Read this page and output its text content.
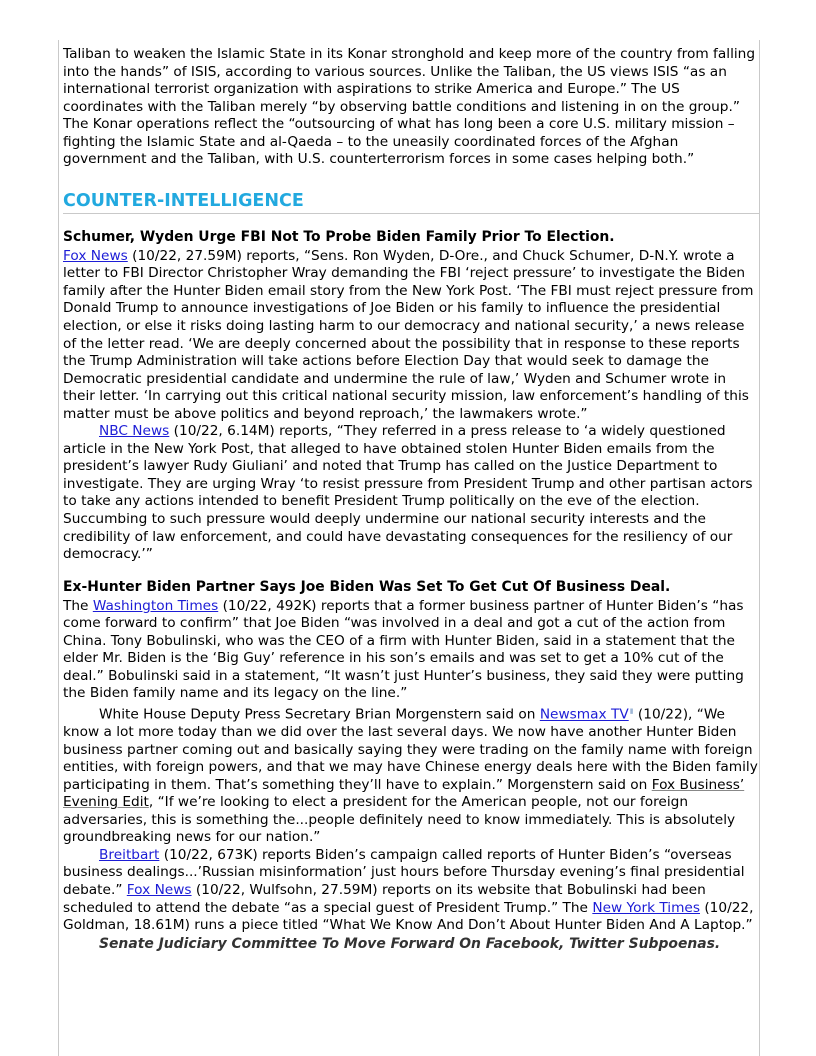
Taliban to weaken the Islamic State in its Konar stronghold and keep more of the country from falling into the hands” of ISIS, according to various sources. Unlike the Taliban, the US views ISIS “as an international terrorist organization with aspirations to strike America and Europe.” The US coordinates with the Taliban merely “by observing battle conditions and listening in on the group.” The Konar operations reflect the “outsourcing of what has long been a core U.S. military mission – fighting the Islamic State and al-Qaeda – to the uneasily coordinated forces of the Afghan government and the Taliban, with U.S. counterterrorism forces in some cases helping both.”

COUNTER-INTELLIGENCE
Schumer, Wyden Urge FBI Not To Probe Biden Family Prior To Election.

Fox News (10/22, 27.59M) reports, “Sens. Ron Wyden, D-Ore., and Chuck Schumer, D-N.Y. wrote a letter to FBI Director Christopher Wray demanding the FBI ‘reject pressure’ to investigate the Biden family after the Hunter Biden email story from the New York Post. ‘The FBI must reject pressure from Donald Trump to announce investigations of Joe Biden or his family to influence the presidential election, or else it risks doing lasting harm to our democracy and national security,’ a news release of the letter read. ‘We are deeply concerned about the possibility that in response to these reports the Trump Administration will take actions before Election Day that would seek to damage the Democratic presidential candidate and undermine the rule of law,’ Wyden and Schumer wrote in their letter. ‘In carrying out this critical national security mission, law enforcement’s handling of this matter must be above politics and beyond reproach,’ the lawmakers wrote.”

NBC News (10/22, 6.14M) reports, “They referred in a press release to ‘a widely questioned article in the New York Post, that alleged to have obtained stolen Hunter Biden emails from the president’s lawyer Rudy Giuliani’ and noted that Trump has called on the Justice Department to investigate. They are urging Wray ‘to resist pressure from President Trump and other partisan actors to take any actions intended to benefit President Trump politically on the eve of the election. Succumbing to such pressure would deeply undermine our national security interests and the credibility of law enforcement, and could have devastating consequences for the resiliency of our democracy.’”

Ex-Hunter Biden Partner Says Joe Biden Was Set To Get Cut Of Business Deal.

The Washington Times (10/22, 492K) reports that a former business partner of Hunter Biden’s “has come forward to confirm” that Joe Biden “was involved in a deal and got a cut of the action from China. Tony Bobulinski, who was the CEO of a firm with Hunter Biden, said in a statement that the elder Mr. Biden is the ‘Big Guy’ reference in his son’s emails and was set to get a 10% cut of the deal.” Bobulinski said in a statement, “It wasn’t just Hunter’s business, they said they were putting the Biden family name and its legacy on the line.”

White House Deputy Press Secretary Brian Morgenstern said on Newsmax TV▮ (10/22), “We know a lot more today than we did over the last several days. We now have another Hunter Biden business partner coming out and basically saying they were trading on the family name with foreign entities, with foreign powers, and that we may have Chinese energy deals here with the Biden family participating in them. That’s something they’ll have to explain.” Morgenstern said on Fox Business’ Evening Edit, “If we’re looking to elect a president for the American people, not our foreign adversaries, this is something the...people definitely need to know immediately. This is absolutely groundbreaking news for our nation.”

Breitbart (10/22, 673K) reports Biden’s campaign called reports of Hunter Biden’s “overseas business dealings...’Russian misinformation’ just hours before Thursday evening’s final presidential debate.” Fox News (10/22, Wulfsohn, 27.59M) reports on its website that Bobulinski had been scheduled to attend the debate “as a special guest of President Trump.” The New York Times (10/22, Goldman, 18.61M) runs a piece titled “What We Know And Don’t About Hunter Biden And A Laptop.”

Senate Judiciary Committee To Move Forward On Facebook, Twitter Subpoenas.
